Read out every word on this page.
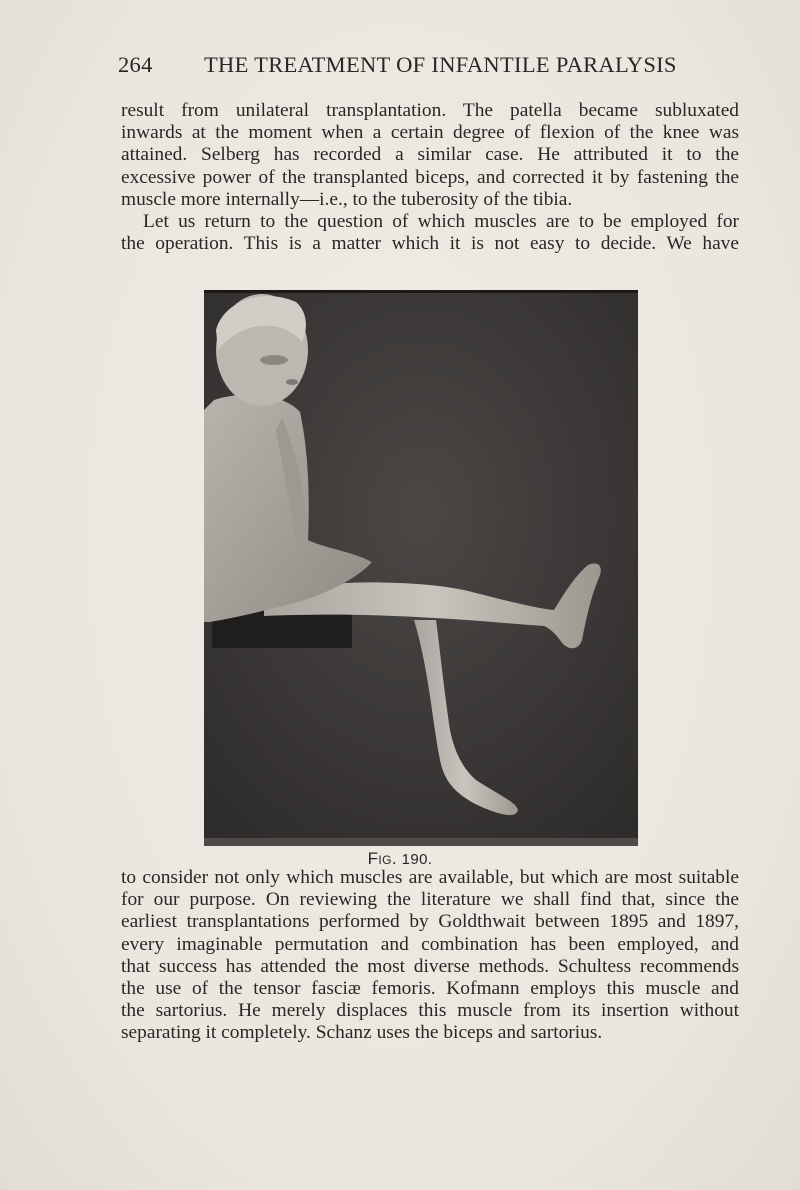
264 THE TREATMENT OF INFANTILE PARALYSIS
result from unilateral transplantation. The patella became subluxated
inwards at the moment when a certain degree of flexion of the knee was
attained. Selberg has recorded a similar case. He attributed it to the
excessive power of the transplanted biceps, and corrected it by fastening the
muscle more internally—i.e., to the tuberosity of the tibia.
Let us return to the question of which muscles are to be employed for
the operation. This is a matter which it is not easy to decide. We have
Fig. 190.
to consider not only which muscles are available, but which are most suitable
for our purpose. On reviewing the literature we shall find that, since the
earliest transplantations performed by Goldthwait between 1895 and 1897,
every imaginable permutation and combination has been employed, and
that success has attended the most diverse methods. Schultess recommends
the use of the tensor fasciæ femoris. Kofmann employs this muscle and
the sartorius. He merely displaces this muscle from its insertion without
separating it completely. Schanz uses the biceps and sartorius.
